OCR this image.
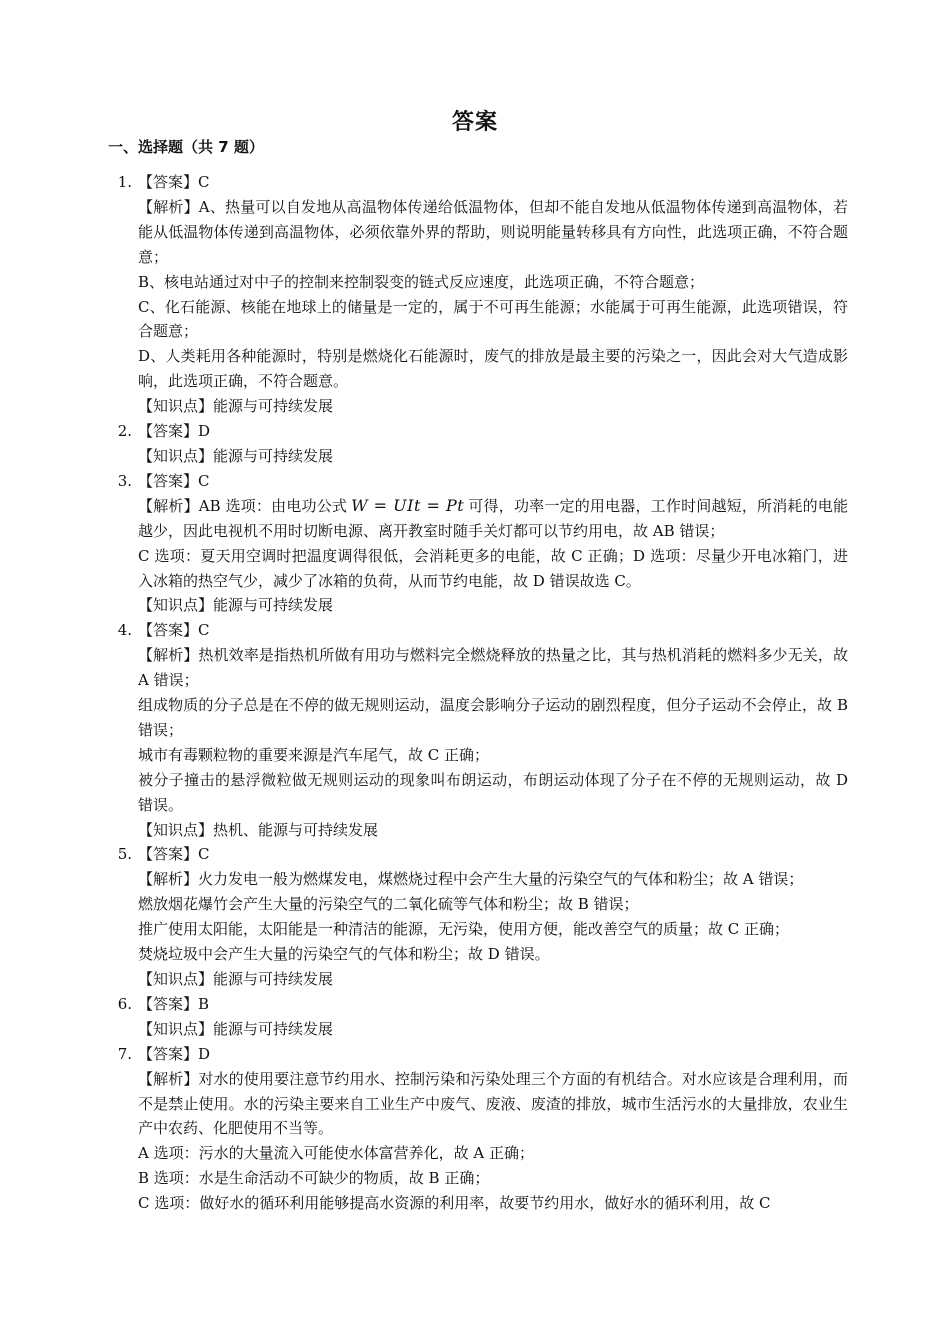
答案
一、选择题（共 7 题）
1. 【答案】C
【解析】A、热量可以自发地从高温物体传递给低温物体，但却不能自发地从低温物体传递到高温物体，若能从低温物体传递到高温物体，必须依靠外界的帮助，则说明能量转移具有方向性，此选项正确，不符合题意；
B、核电站通过对中子的控制来控制裂变的链式反应速度，此选项正确，不符合题意；
C、化石能源、核能在地球上的储量是一定的，属于不可再生能源；水能属于可再生能源，此选项错误，符合题意；
D、人类耗用各种能源时，特别是燃烧化石能源时，废气的排放是最主要的污染之一，因此会对大气造成影响，此选项正确，不符合题意。
【知识点】能源与可持续发展
2. 【答案】D
【知识点】能源与可持续发展
3. 【答案】C
【解析】AB 选项：由电功公式 W = UIt = Pt 可得，功率一定的用电器，工作时间越短，所消耗的电能越少，因此电视机不用时切断电源、离开教室时随手关灯都可以节约用电，故 AB 错误；
C 选项：夏天用空调时把温度调得很低，会消耗更多的电能，故 C 正确；D 选项：尽量少开电冰箱门，进入冰箱的热空气少，减少了冰箱的负荷，从而节约电能，故 D 错误故选 C。
【知识点】能源与可持续发展
4. 【答案】C
【解析】热机效率是指热机所做有用功与燃料完全燃烧释放的热量之比，其与热机消耗的燃料多少无关，故 A 错误；
组成物质的分子总是在不停的做无规则运动，温度会影响分子运动的剧烈程度，但分子运动不会停止，故 B 错误；
城市有毒颗粒物的重要来源是汽车尾气，故 C 正确；
被分子撞击的悬浮微粒做无规则运动的现象叫布朗运动，布朗运动体现了分子在不停的无规则运动，故 D 错误。
【知识点】热机、能源与可持续发展
5. 【答案】C
【解析】火力发电一般为燃煤发电，煤燃烧过程中会产生大量的污染空气的气体和粉尘；故 A 错误；
燃放烟花爆竹会产生大量的污染空气的二氧化硫等气体和粉尘；故 B 错误；
推广使用太阳能，太阳能是一种清洁的能源，无污染，使用方便，能改善空气的质量；故 C 正确；
焚烧垃圾中会产生大量的污染空气的气体和粉尘；故 D 错误。
【知识点】能源与可持续发展
6. 【答案】B
【知识点】能源与可持续发展
7. 【答案】D
【解析】对水的使用要注意节约用水、控制污染和污染处理三个方面的有机结合。对水应该是合理利用，而不是禁止使用。水的污染主要来自工业生产中废气、废液、废渣的排放，城市生活污水的大量排放，农业生产中农药、化肥使用不当等。
A 选项：污水的大量流入可能使水体富营养化，故 A 正确；
B 选项：水是生命活动不可缺少的物质，故 B 正确；
C 选项：做好水的循环利用能够提高水资源的利用率，故要节约用水，做好水的循环利用，故 C
